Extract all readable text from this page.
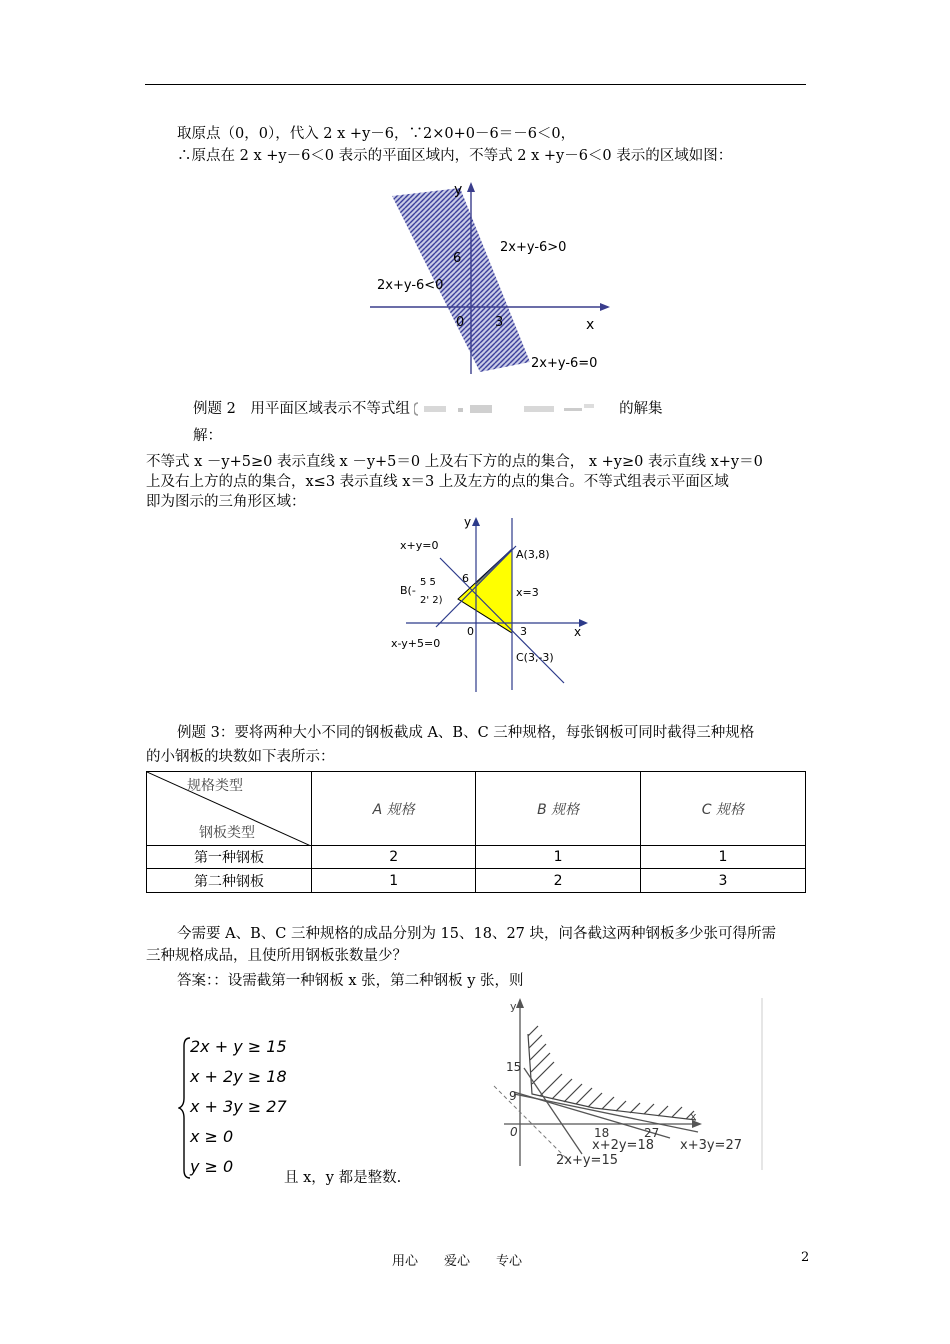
取原点（0，0），代入 2 x +y－6，∵2×0+0－6＝－6＜0，
∴原点在 2 x +y－6＜0 表示的平面区域内，不等式 2 x +y－6＜0 表示的区域如图：
y
x
2x+y-6>0
2x+y-6<0
2x+y-6=0
6
0 3
例题 2　用平面区域表示不等式组	的解集
解：
不等式 x －y+5≥0 表示直线 x －y+5＝0 上及右下方的点的集合， x +y≥0 表示直线 x+y＝0
上及右上方的点的集合，x≤3 表示直线 x＝3 上及左方的点的集合。不等式组表示平面区域
即为图示的三角形区域：
y
x
x+y=0
A(3,8)
x=3
x-y+5=0
C(3,-3)
B(-
5 5
2' 2)
6
0	3
例题 3：要将两种大小不同的钢板截成 A、B、C 三种规格，每张钢板可同时截得三种规格
的小钢板的块数如下表所示：
规格类型
钢板类型	A 规格	B 规格	C 规格
第一种钢板	2	1	1
第二种钢板	1	2	3
今需要 A、B、C 三种规格的成品分别为 15、18、27 块，问各截这两种钢板多少张可得所需
三种规格成品，且使所用钢板张数量少？
答案：：设需截第一种钢板 x 张，第二种钢板 y 张，则
2x + y ≥ 15
x + 2y ≥ 18
x + 3y ≥ 27
x ≥ 0
y ≥ 0
且 x，y 都是整数.
y
x
15
9
0	18	27
x+2y=18 x+3y=27
2x+y=15
用心　　爱心　　专心	2
